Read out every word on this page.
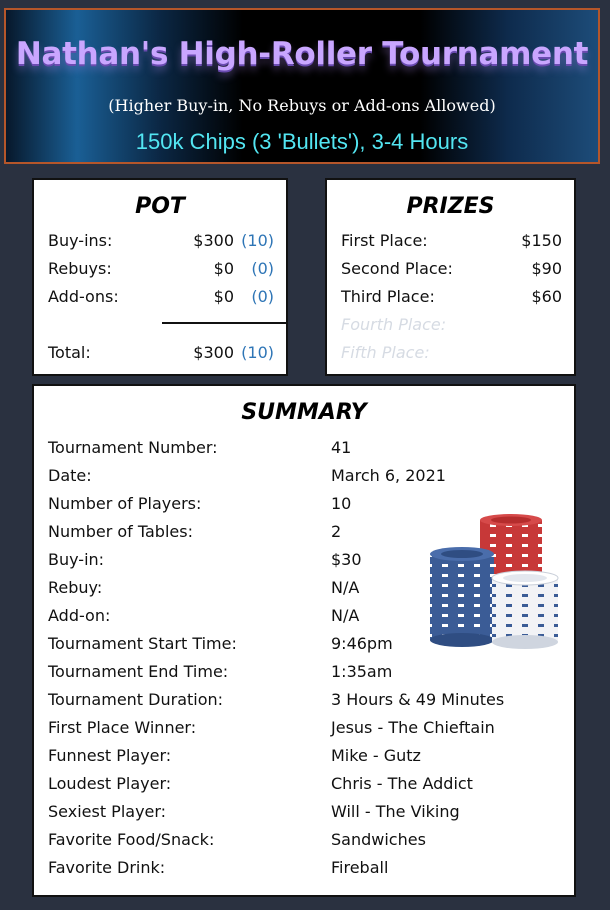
Nathan's High-Roller Tournament
(Higher Buy-in, No Rebuys or Add-ons Allowed)
150k Chips (3 'Bullets'), 3-4 Hours
POT
Buy-ins:	$300 (10)
Rebuys:	$0 (0)
Add-ons:	$0 (0)
Total:	$300 (10)
PRIZES
First Place:	$150
Second Place:	$90
Third Place:	$60
Fourth Place:
Fifth Place:
SUMMARY
Tournament Number:	41
Date:	March 6, 2021
Number of Players:	10
Number of Tables:	2
Buy-in:	$30
Rebuy:	N/A
Add-on:	N/A
Tournament Start Time:	9:46pm
Tournament End Time:	1:35am
Tournament Duration:	3 Hours & 49 Minutes
First Place Winner:	Jesus - The Chieftain
Funnest Player:	Mike - Gutz
Loudest Player:	Chris - The Addict
Sexiest Player:	Will - The Viking
Favorite Food/Snack:	Sandwiches
Favorite Drink:	Fireball
